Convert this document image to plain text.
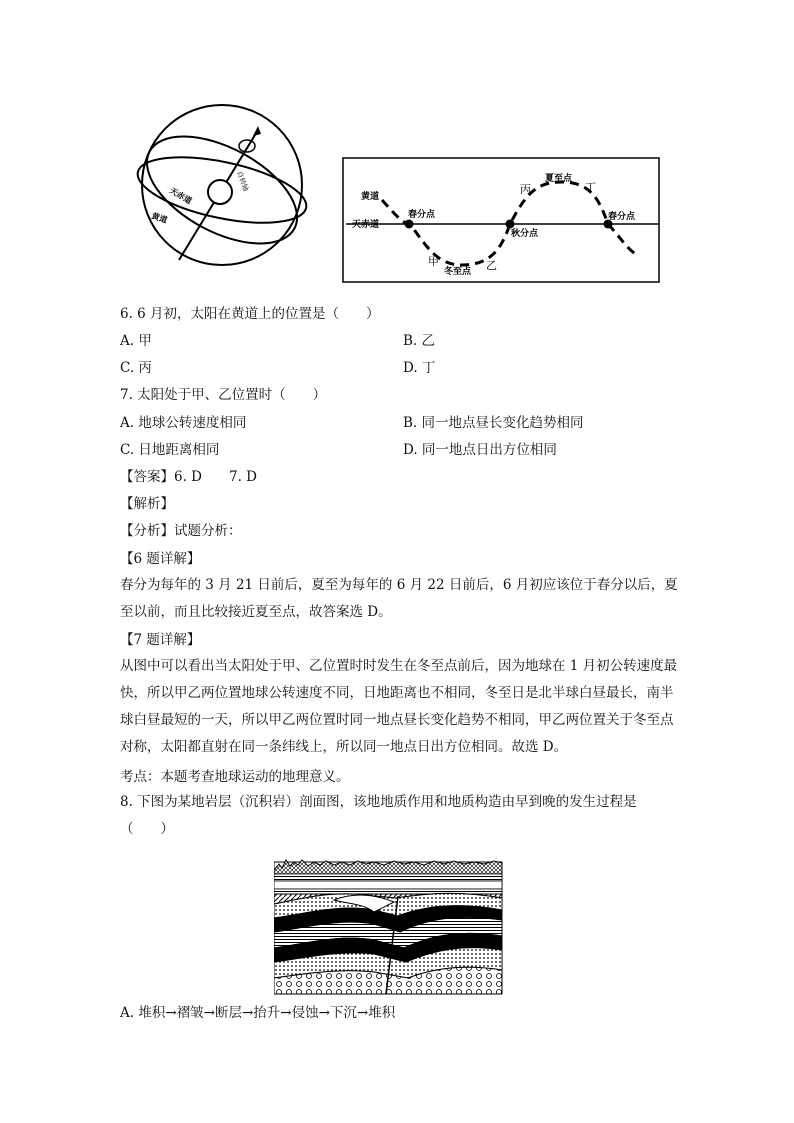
自转轴
天赤道
黄道
黄道
天赤道
春分点
秋分点
夏至点
冬至点
春分点
甲	乙
丙	丁
6. 6 月初，太阳在黄道上的位置是（　　）
A. 甲	B. 乙
C. 丙	D. 丁
7. 太阳处于甲、乙位置时（　　）
A. 地球公转速度相同	B. 同一地点昼长变化趋势相同
C. 日地距离相同	D. 同一地点日出方位相同
【答案】6. D　　7. D
【解析】
【分析】试题分析：
【6 题详解】
春分为每年的 3 月 21 日前后，夏至为每年的 6 月 22 日前后，6 月初应该位于春分以后，夏至以前，而且比较接近夏至点，故答案选 D。
【7 题详解】
从图中可以看出当太阳处于甲、乙位置时时发生在冬至点前后，因为地球在 1 月初公转速度最快，所以甲乙两位置地球公转速度不同，日地距离也不相同，冬至日是北半球白昼最长，南半球白昼最短的一天，所以甲乙两位置时同一地点昼长变化趋势不相同，甲乙两位置关于冬至点对称，太阳都直射在同一条纬线上，所以同一地点日出方位相同。故选 D。
考点：本题考查地球运动的地理意义。
8. 下图为某地岩层（沉积岩）剖面图，该地地质作用和地质构造由早到晚的发生过程是（　　）
A. 堆积→褶皱→断层→抬升→侵蚀→下沉→堆积
